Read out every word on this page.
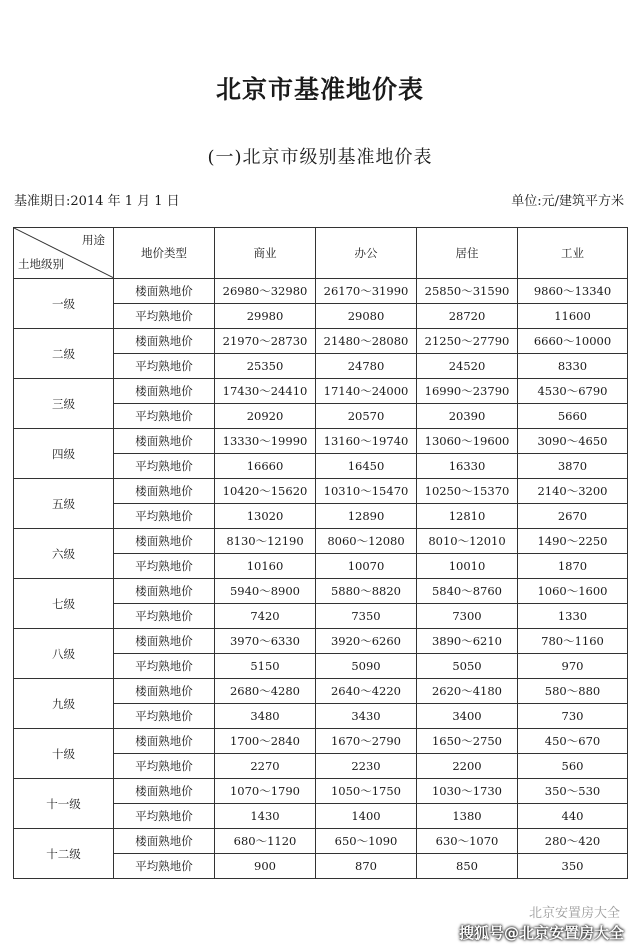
北京市基准地价表
(一)北京市级别基准地价表
基准期日:2014 年 1 月 1 日	单位:元/建筑平方米
用途
土地级别	地价类型	商业	办公	居住	工业
一级	楼面熟地价	26980～32980	26170～31990	25850～31590	9860～13340
	平均熟地价	29980	29080	28720	11600
二级	楼面熟地价	21970～28730	21480～28080	21250～27790	6660～10000
	平均熟地价	25350	24780	24520	8330
三级	楼面熟地价	17430～24410	17140～24000	16990～23790	4530～6790
	平均熟地价	20920	20570	20390	5660
四级	楼面熟地价	13330～19990	13160～19740	13060～19600	3090～4650
	平均熟地价	16660	16450	16330	3870
五级	楼面熟地价	10420～15620	10310～15470	10250～15370	2140～3200
	平均熟地价	13020	12890	12810	2670
六级	楼面熟地价	8130～12190	8060～12080	8010～12010	1490～2250
	平均熟地价	10160	10070	10010	1870
七级	楼面熟地价	5940～8900	5880～8820	5840～8760	1060～1600
	平均熟地价	7420	7350	7300	1330
八级	楼面熟地价	3970～6330	3920～6260	3890～6210	780～1160
	平均熟地价	5150	5090	5050	970
九级	楼面熟地价	2680～4280	2640～4220	2620～4180	580～880
	平均熟地价	3480	3430	3400	730
十级	楼面熟地价	1700～2840	1670～2790	1650～2750	450～670
	平均熟地价	2270	2230	2200	560
十一级	楼面熟地价	1070～1790	1050～1750	1030～1730	350～530
	平均熟地价	1430	1400	1380	440
十二级	楼面熟地价	680～1120	650～1090	630～1070	280～420
	平均熟地价	900	870	850	350
北京安置房大全
搜狐号@北京安置房大全
